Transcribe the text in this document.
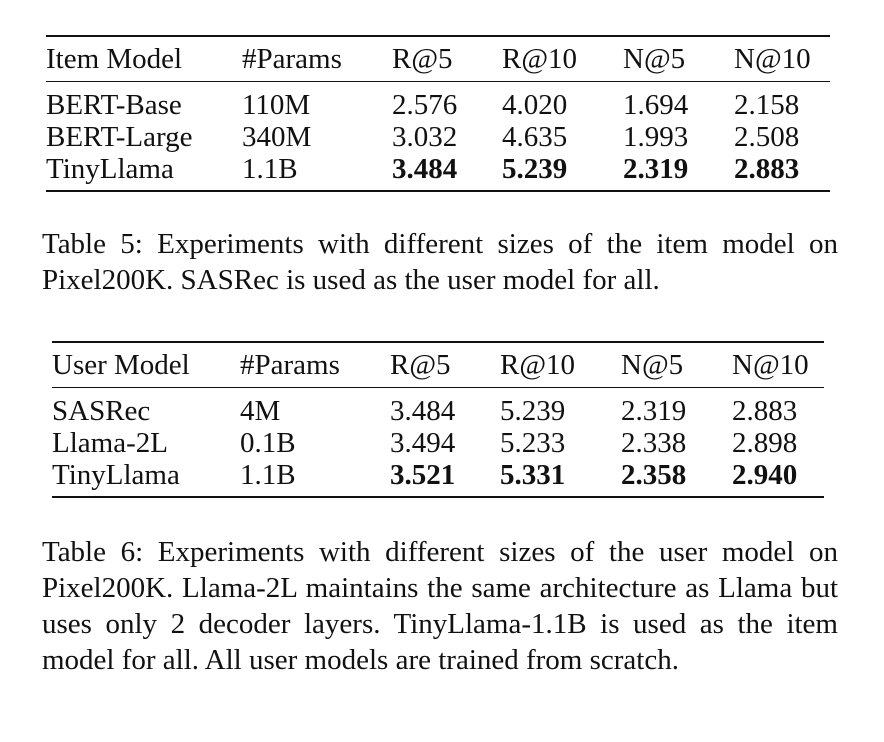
Item Model	#Params	R@5	R@10	N@5	N@10
BERT-Base	110M	2.576	4.020	1.694	2.158
BERT-Large	340M	3.032	4.635	1.993	2.508
TinyLlama	1.1B	3.484	5.239	2.319	2.883

Table 5: Experiments with different sizes of the item model on Pixel200K. SASRec is used as the user model for all.

User Model	#Params	R@5	R@10	N@5	N@10
SASRec	4M	3.484	5.239	2.319	2.883
Llama-2L	0.1B	3.494	5.233	2.338	2.898
TinyLlama	1.1B	3.521	5.331	2.358	2.940

Table 6: Experiments with different sizes of the user model on Pixel200K. Llama-2L maintains the same architecture as Llama but uses only 2 decoder layers. TinyLlama-1.1B is used as the item model for all. All user models are trained from scratch.
